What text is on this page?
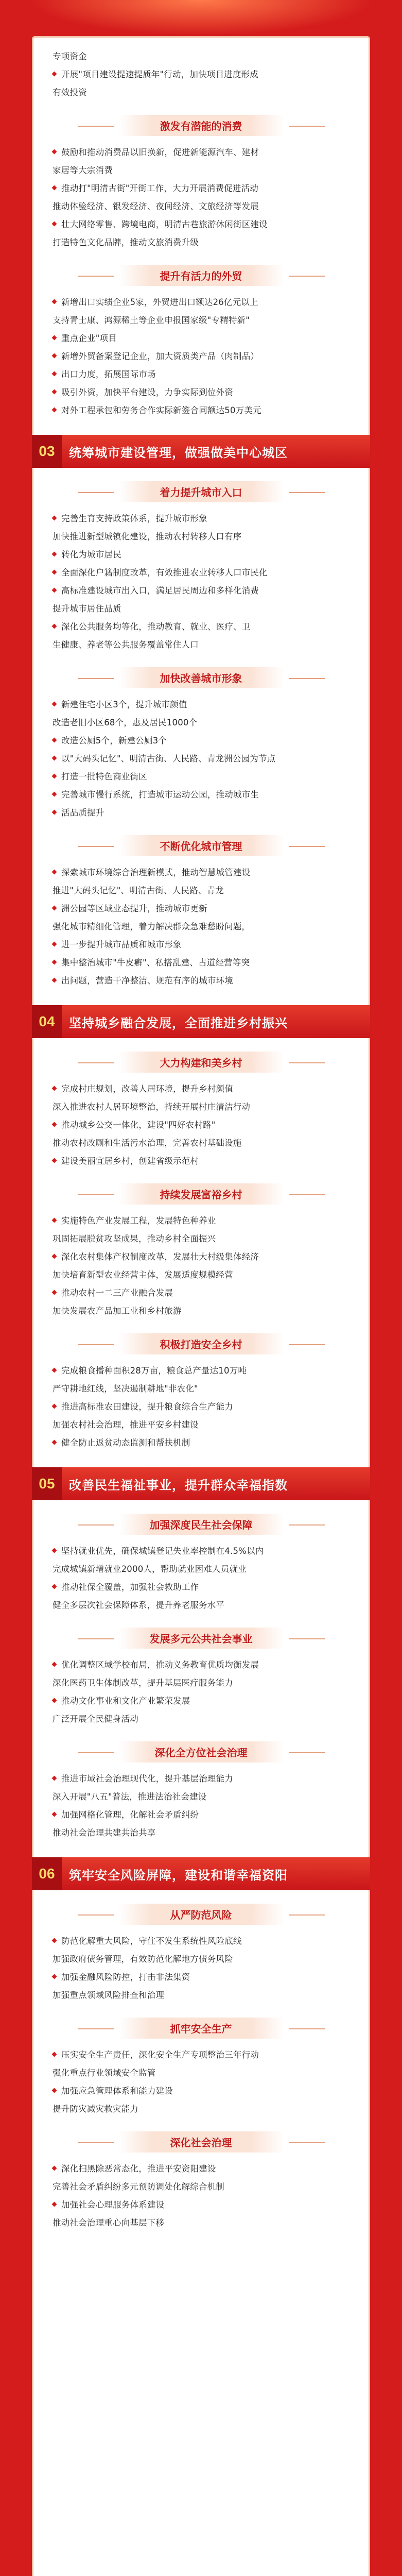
专项资金

开展"项目建设提速提质年"行动，加快项目进度形成

有效投资

激发有潜能的消费

鼓励和推动消费品以旧换新，促进新能源汽车、建材

家居等大宗消费

推动打"明清古街"开街工作，大力开展消费促进活动

推动体验经济、银发经济、夜间经济、文旅经济等发展

壮大网络零售、跨境电商，明清古巷旅游休闲街区建设

打造特色文化品牌，推动文旅消费升级

提升有活力的外贸

新增出口实绩企业5家，外贸进出口额达26亿元以上

支持青士康、鸿源稀土等企业申报国家级"专精特新"

重点企业"项目

新增外贸备案登记企业，加大资质类产品（肉制品）

出口力度，拓展国际市场

吸引外资，加快平台建设，力争实际到位外资

对外工程承包和劳务合作实际新签合同额达50万美元

03	统筹城市建设管理，做强做美中心城区
着力提升城市入口

完善生育支持政策体系，提升城市形象

加快推进新型城镇化建设，推动农村转移人口有序

转化为城市居民

全面深化户籍制度改革，有效推进农业转移人口市民化

高标准建设城市出入口，满足居民周边和多样化消费

提升城市居住品质

深化公共服务均等化，推动教育、就业、医疗、卫

生健康、养老等公共服务覆盖常住人口

加快改善城市形象

新建住宅小区3个，提升城市颜值

改造老旧小区68个，惠及居民1000个

改造公厕5个，新建公厕3个

以"大码头记忆"、明清古街、人民路、青龙洲公园为节点

打造一批特色商业街区

完善城市慢行系统，打造城市运动公园，推动城市生

活品质提升

不断优化城市管理

探索城市环境综合治理新模式，推动智慧城管建设

推进"大码头记忆"、明清古街、人民路、青龙

洲公园等区域业态提升，推动城市更新

强化城市精细化管理，着力解决群众急难愁盼问题，

进一步提升城市品质和城市形象

集中整治城市"牛皮癣"、私搭乱建、占道经营等突

出问题，营造干净整洁、规范有序的城市环境

04	坚持城乡融合发展，全面推进乡村振兴
大力构建和美乡村

完成村庄规划，改善人居环境，提升乡村颜值

深入推进农村人居环境整治，持续开展村庄清洁行动

推动城乡公交一体化，建设"四好农村路"

推动农村改厕和生活污水治理，完善农村基础设施

建设美丽宜居乡村，创建省级示范村

持续发展富裕乡村

实施特色产业发展工程，发展特色种养业

巩固拓展脱贫攻坚成果，推动乡村全面振兴

深化农村集体产权制度改革，发展壮大村级集体经济

加快培育新型农业经营主体，发展适度规模经营

推动农村一二三产业融合发展

加快发展农产品加工业和乡村旅游

积极打造安全乡村

完成粮食播种面积28万亩，粮食总产量达10万吨

严守耕地红线，坚决遏制耕地"非农化"

推进高标准农田建设，提升粮食综合生产能力

加强农村社会治理，推进平安乡村建设

健全防止返贫动态监测和帮扶机制

05	改善民生福祉事业，提升群众幸福指数
加强深度民生社会保障

坚持就业优先，确保城镇登记失业率控制在4.5%以内

完成城镇新增就业2000人，帮助就业困难人员就业

推动社保全覆盖，加强社会救助工作

健全多层次社会保障体系，提升养老服务水平

发展多元公共社会事业

优化调整区域学校布局，推动义务教育优质均衡发展

深化医药卫生体制改革，提升基层医疗服务能力

推动文化事业和文化产业繁荣发展

广泛开展全民健身活动

深化全方位社会治理

推进市域社会治理现代化，提升基层治理能力

深入开展"八五"普法，推进法治社会建设

加强网格化管理，化解社会矛盾纠纷

推动社会治理共建共治共享

06	筑牢安全风险屏障，建设和谐幸福资阳
从严防范风险

防范化解重大风险，守住不发生系统性风险底线

加强政府债务管理，有效防范化解地方债务风险

加强金融风险防控，打击非法集资

加强重点领域风险排查和治理

抓牢安全生产

压实安全生产责任，深化安全生产专项整治三年行动

强化重点行业领域安全监管

加强应急管理体系和能力建设

提升防灾减灾救灾能力

深化社会治理

深化扫黑除恶常态化，推进平安资阳建设

完善社会矛盾纠纷多元预防调处化解综合机制

加强社会心理服务体系建设

推动社会治理重心向基层下移
